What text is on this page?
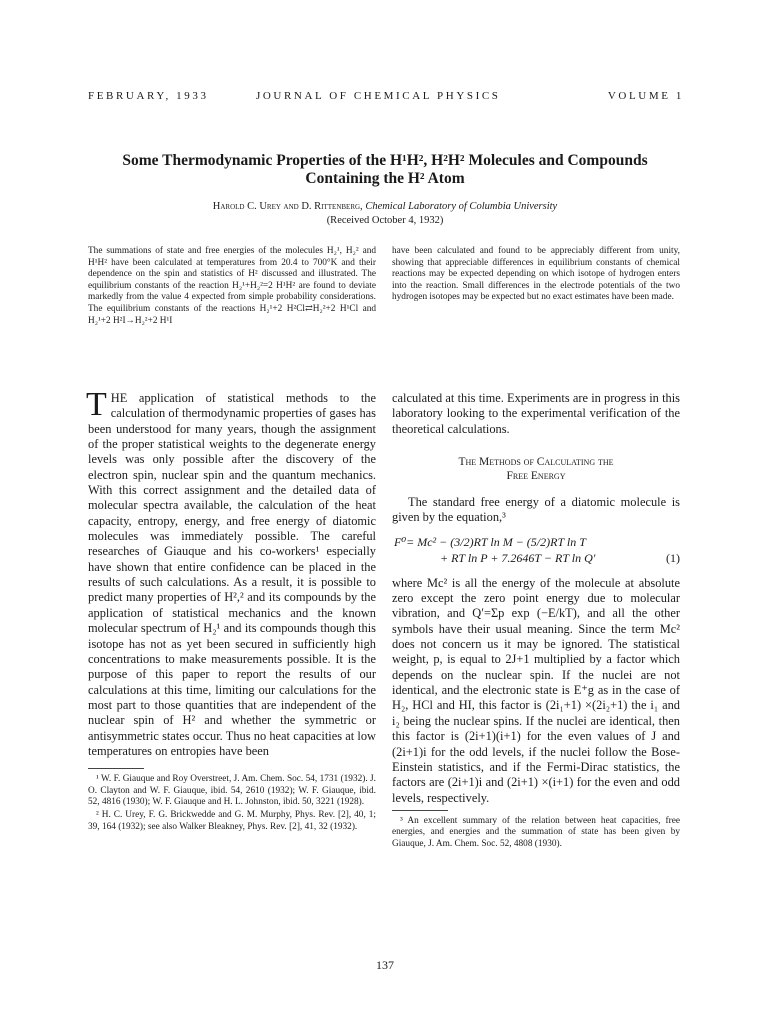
FEBRUARY, 1933	JOURNAL OF CHEMICAL PHYSICS	VOLUME 1
Some Thermodynamic Properties of the H¹H², H²H² Molecules and Compounds
Containing the H² Atom
Harold C. Urey and D. Rittenberg, Chemical Laboratory of Columbia University
(Received October 4, 1932)
The summations of state and free energies of the molecules H₂¹, H₂² and H¹H² have been calculated at temperatures from 20.4 to 700°K and their dependence on the spin and statistics of H² discussed and illustrated. The equilibrium constants of the reaction H₂¹+H₂²=2 H¹H² are found to deviate markedly from the value 4 expected from simple probability considerations. The equilibrium constants of the reactions H₂¹+2 H²Cl⇄H₂²+2 H¹Cl and H₂¹+2 H²I→H₂²+2 H¹I
have been calculated and found to be appreciably different from unity, showing that appreciable differences in equilibrium constants of chemical reactions may be expected depending on which isotope of hydrogen enters into the reaction. Small differences in the electrode potentials of the two hydrogen isotopes may be expected but no exact estimates have been made.

THE application of statistical methods to the calculation of thermodynamic properties of gases has been understood for many years, though the assignment of the proper statistical weights to the degenerate energy levels was only possible after the discovery of the electron spin, nuclear spin and the quantum mechanics. With this correct assignment and the detailed data of molecular spectra available, the calculation of the heat capacity, entropy, energy, and free energy of diatomic molecules was immediately possible. The careful researches of Giauque and his co-workers¹ especially have shown that entire confidence can be placed in the results of such calculations. As a result, it is possible to predict many properties of H²,² and its compounds by the application of statistical mechanics and the known molecular spectrum of H₂¹ and its compounds though this isotope has not as yet been secured in sufficiently high concentrations to make measurements possible. It is the purpose of this paper to report the results of our calculations at this time, limiting our calculations for the most part to those quantities that are independent of the nuclear spin of H² and whether the symmetric or antisymmetric states occur. Thus no heat capacities at low temperatures on entropies have been

¹ W. F. Giauque and Roy Overstreet, J. Am. Chem. Soc. 54, 1731 (1932). J. O. Clayton and W. F. Giauque, ibid. 54, 2610 (1932); W. F. Giauque, ibid. 52, 4816 (1930); W. F. Giauque and H. L. Johnston, ibid. 50, 3221 (1928).

² H. C. Urey, F. G. Brickwedde and G. M. Murphy, Phys. Rev. [2], 40, 1; 39, 164 (1932); see also Walker Bleakney, Phys. Rev. [2], 41, 32 (1932).

calculated at this time. Experiments are in progress in this laboratory looking to the experimental verification of the theoretical calculations.

The Methods of Calculating the
Free Energy

The standard free energy of a diatomic molecule is given by the equation,³

F⁰= Mc² − (3/2)RT ln M − (5/2)RT ln T
+ RT ln P + 7.2646T − RT ln Q′	(1)

where Mc² is all the energy of the molecule at absolute zero except the zero point energy due to molecular vibration, and Q′=Σp exp (−E/kT), and all the other symbols have their usual meaning. Since the term Mc² does not concern us it may be ignored. The statistical weight, p, is equal to 2J+1 multiplied by a factor which depends on the nuclear spin. If the nuclei are not identical, and the electronic state is E⁺g as in the case of H₂, HCl and HI, this factor is (2i₁+1) ×(2i₂+1) the i₁ and i₂ being the nuclear spins. If the nuclei are identical, then this factor is (2i+1)(i+1) for the even values of J and (2i+1)i for the odd levels, if the nuclei follow the Bose-Einstein statistics, and if the Fermi-Dirac statistics, the factors are (2i+1)i and (2i+1) ×(i+1) for the even and odd levels, respectively.

³ An excellent summary of the relation between heat capacities, free energies, and energies and the summation of state has been given by Giauque, J. Am. Chem. Soc. 52, 4808 (1930).

137
